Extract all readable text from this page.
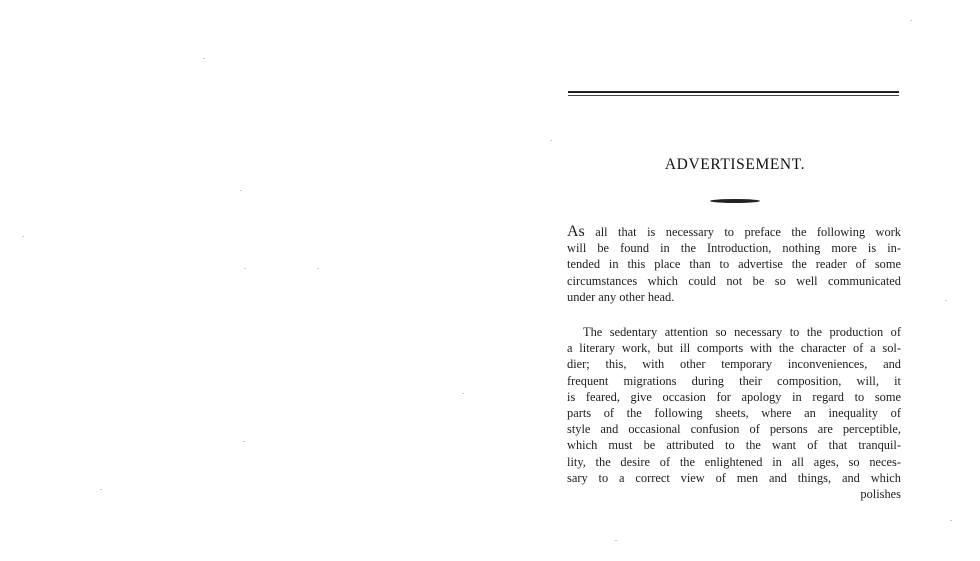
ADVERTISEMENT.
As all that is necessary to preface the following work
will be found in the Introduction, nothing more is in-
tended in this place than to advertise the reader of some
circumstances which could not be so well communicated
under any other head.
The sedentary attention so necessary to the production of
a literary work, but ill comports with the character of a sol-
dier; this, with other temporary inconveniences, and
frequent migrations during their composition, will, it
is feared, give occasion for apology in regard to some
parts of the following sheets, where an inequality of
style and occasional confusion of persons are perceptible,
which must be attributed to the want of that tranquil-
lity, the desire of the enlightened in all ages, so neces-
sary to a correct view of men and things, and which
polishes
